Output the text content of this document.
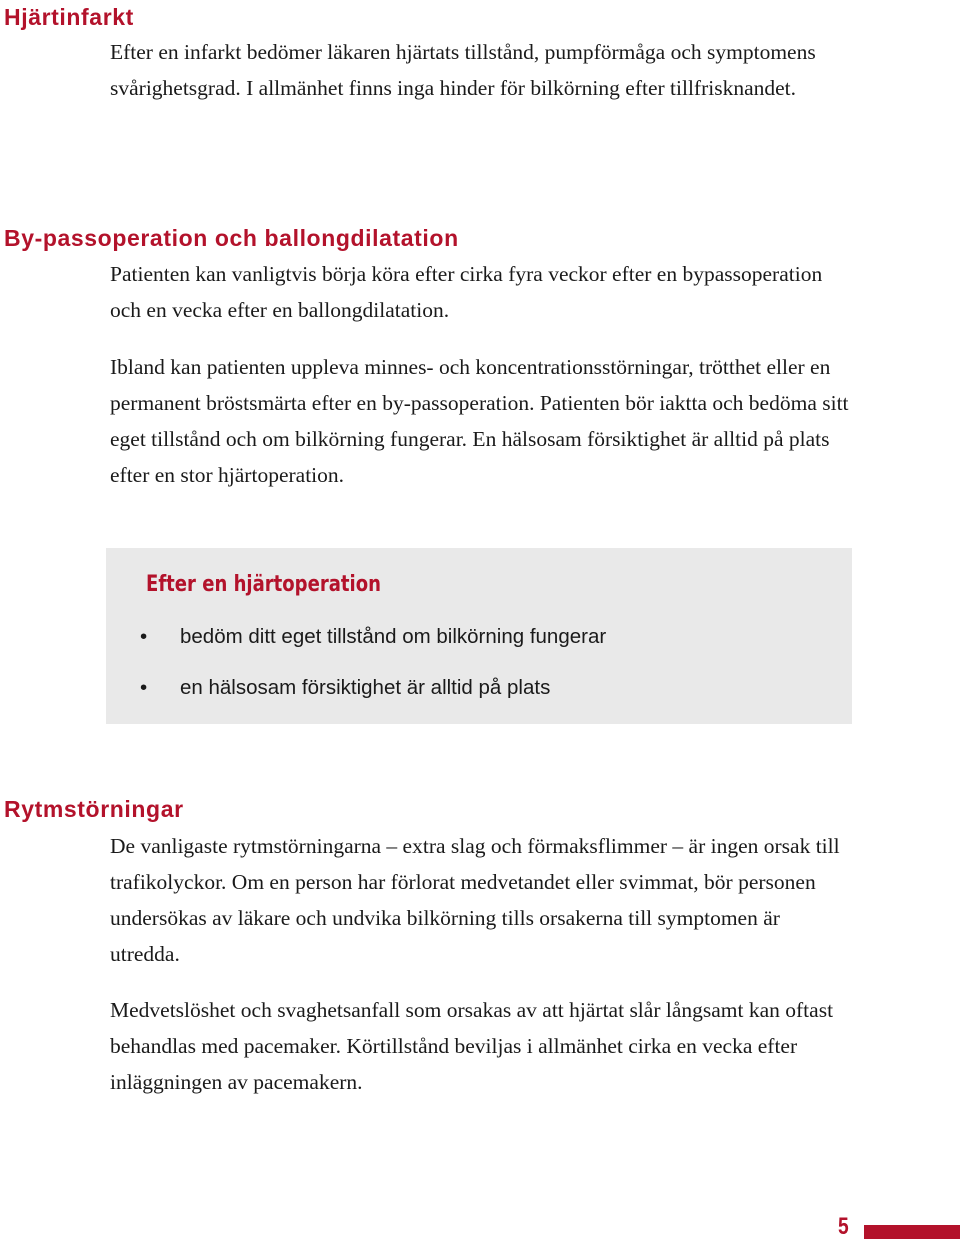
Hjärtinfarkt

Efter en infarkt bedömer läkaren hjärtats tillstånd, pumpförmåga och symptomens svårighetsgrad. I allmänhet finns inga hinder för bilkörning efter tillfrisknandet.

By-passoperation och ballongdilatation

Patienten kan vanligtvis börja köra efter cirka fyra veckor efter en bypassoperation och en vecka efter en ballongdilatation.

Ibland kan patienten uppleva minnes- och koncentrationsstörningar, trötthet eller en permanent bröstsmärta efter en by-passoperation. Patienten bör iaktta och bedöma sitt eget tillstånd och om bilkörning fungerar. En hälsosam försiktighet är alltid på plats efter en stor hjärtoperation.

Efter en hjärtoperation
•	bedöm ditt eget tillstånd om bilkörning fungerar
•	en hälsosam försiktighet är alltid på plats
Rytmstörningar

De vanligaste rytmstörningarna – extra slag och förmaksflimmer – är ingen orsak till trafikolyckor. Om en person har förlorat medvetandet eller svimmat, bör personen undersökas av läkare och undvika bilkörning tills orsakerna till symptomen är utredda.

Medvetslöshet och svaghetsanfall som orsakas av att hjärtat slår långsamt kan oftast behandlas med pacemaker. Körtillstånd beviljas i allmänhet cirka en vecka efter inläggningen av pacemakern.

5
